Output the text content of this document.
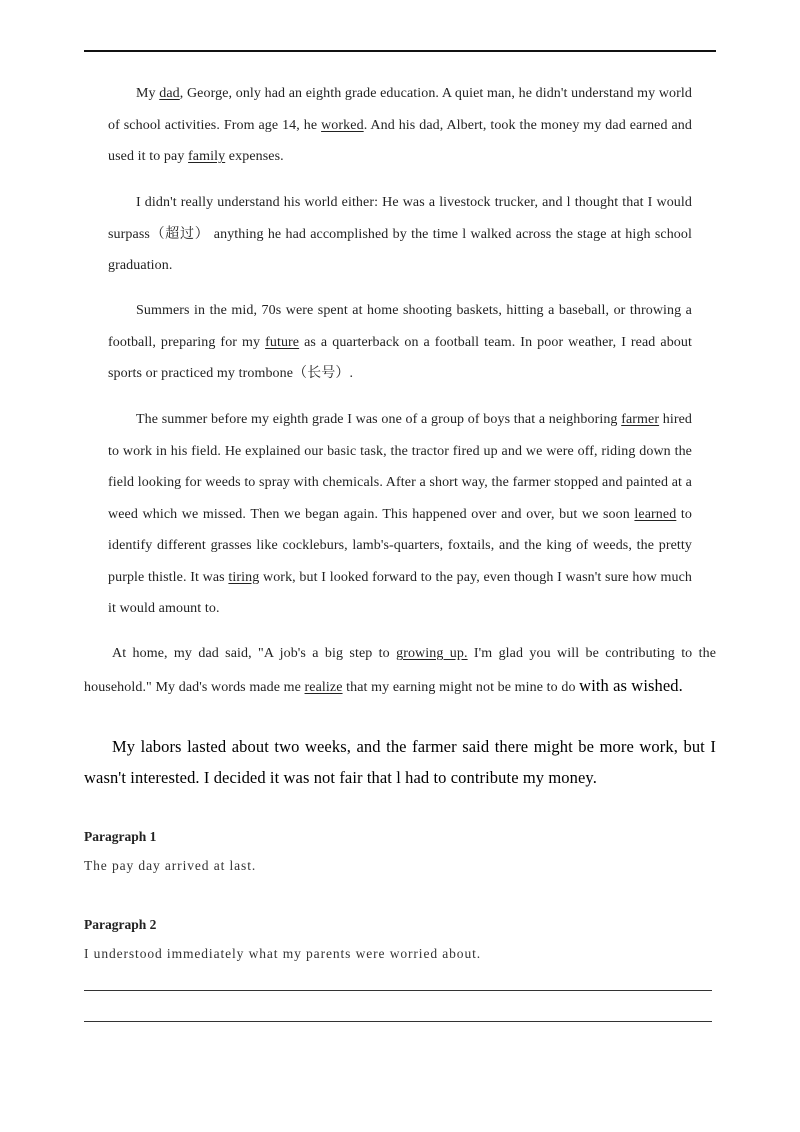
My dad, George, only had an eighth grade education. A quiet man, he didn't understand my world of school activities. From age 14, he worked. And his dad, Albert, took the money my dad earned and used it to pay family expenses.

I didn't really understand his world either: He was a livestock trucker, and l thought that I would surpass（超过） anything he had accomplished by the time l walked across the stage at high school graduation.

Summers in the mid, 70s were spent at home shooting baskets, hitting a baseball, or throwing a football, preparing for my future as a quarterback on a football team. In poor weather, I read about sports or practiced my trombone（长号）.

The summer before my eighth grade I was one of a group of boys that a neighboring farmer hired to work in his field. He explained our basic task, the tractor fired up and we were off, riding down the field looking for weeds to spray with chemicals. After a short way, the farmer stopped and painted at a weed which we missed. Then we began again. This happened over and over, but we soon learned to identify different grasses like cockleburs, lamb's-quarters, foxtails, and the king of weeds, the pretty purple thistle. It was tiring work, but I looked forward to the pay, even though I wasn't sure how much it would amount to.

At home, my dad said, "A job's a big step to growing up. I'm glad you will be contributing to the household." My dad's words made me realize that my earning might not be mine to do with as wished.

My labors lasted about two weeks, and the farmer said there might be more work, but I wasn't interested. I decided it was not fair that l had to contribute my money.

Paragraph 1
The pay day arrived at last.
Paragraph 2
I understood immediately what my parents were worried about.
